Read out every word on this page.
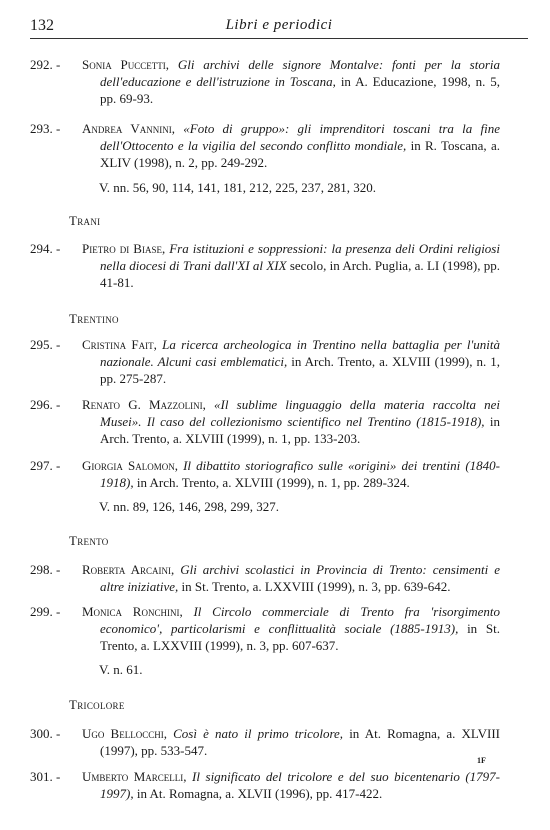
132	Libri e periodici
292. -	Sonia Puccetti, Gli archivi delle signore Montalve: fonti per la storia dell'educazione e dell'istruzione in Toscana, in A. Educazione, 1998, n. 5, pp. 69-93.
293. -	Andrea Vannini, «Foto di gruppo»: gli imprenditori toscani tra la fine dell'Ottocento e la vigilia del secondo conflitto mondiale, in R. Toscana, a. XLIV (1998), n. 2, pp. 249-292.
V. nn. 56, 90, 114, 141, 181, 212, 225, 237, 281, 320.
Trani
294. -	Pietro di Biase, Fra istituzioni e soppressioni: la presenza deli Ordini religiosi nella diocesi di Trani dall'XI al XIX secolo, in Arch. Puglia, a. LI (1998), pp. 41-81.
Trentino
295. -	Cristina Fait, La ricerca archeologica in Trentino nella battaglia per l'unità nazionale. Alcuni casi emblematici, in Arch. Trento, a. XLVIII (1999), n. 1, pp. 275-287.
296. -	Renato G. Mazzolini, «Il sublime linguaggio della materia raccolta nei Musei». Il caso del collezionismo scientifico nel Trentino (1815-1918), in Arch. Trento, a. XLVIII (1999), n. 1, pp. 133-203.
297. -	Giorgia Salomon, Il dibattito storiografico sulle «origini» dei trentini (1840-1918), in Arch. Trento, a. XLVIII (1999), n. 1, pp. 289-324.
V. nn. 89, 126, 146, 298, 299, 327.
Trento
298. -	Roberta Arcaini, Gli archivi scolastici in Provincia di Trento: censimenti e altre iniziative, in St. Trento, a. LXXVIII (1999), n. 3, pp. 639-642.
299. -	Monica Ronchini, Il Circolo commerciale di Trento fra 'risorgimento economico', particolarismi e conflittualità sociale (1885-1913), in St. Trento, a. LXXVIII (1999), n. 3, pp. 607-637.
V. n. 61.
Tricolore
300. -	Ugo Bellocchi, Così è nato il primo tricolore, in At. Romagna, a. XLVIII (1997), pp. 533-547.
1F
301. -	Umberto Marcelli, Il significato del tricolore e del suo bicentenario (1797-1997), in At. Romagna, a. XLVII (1996), pp. 417-422.
